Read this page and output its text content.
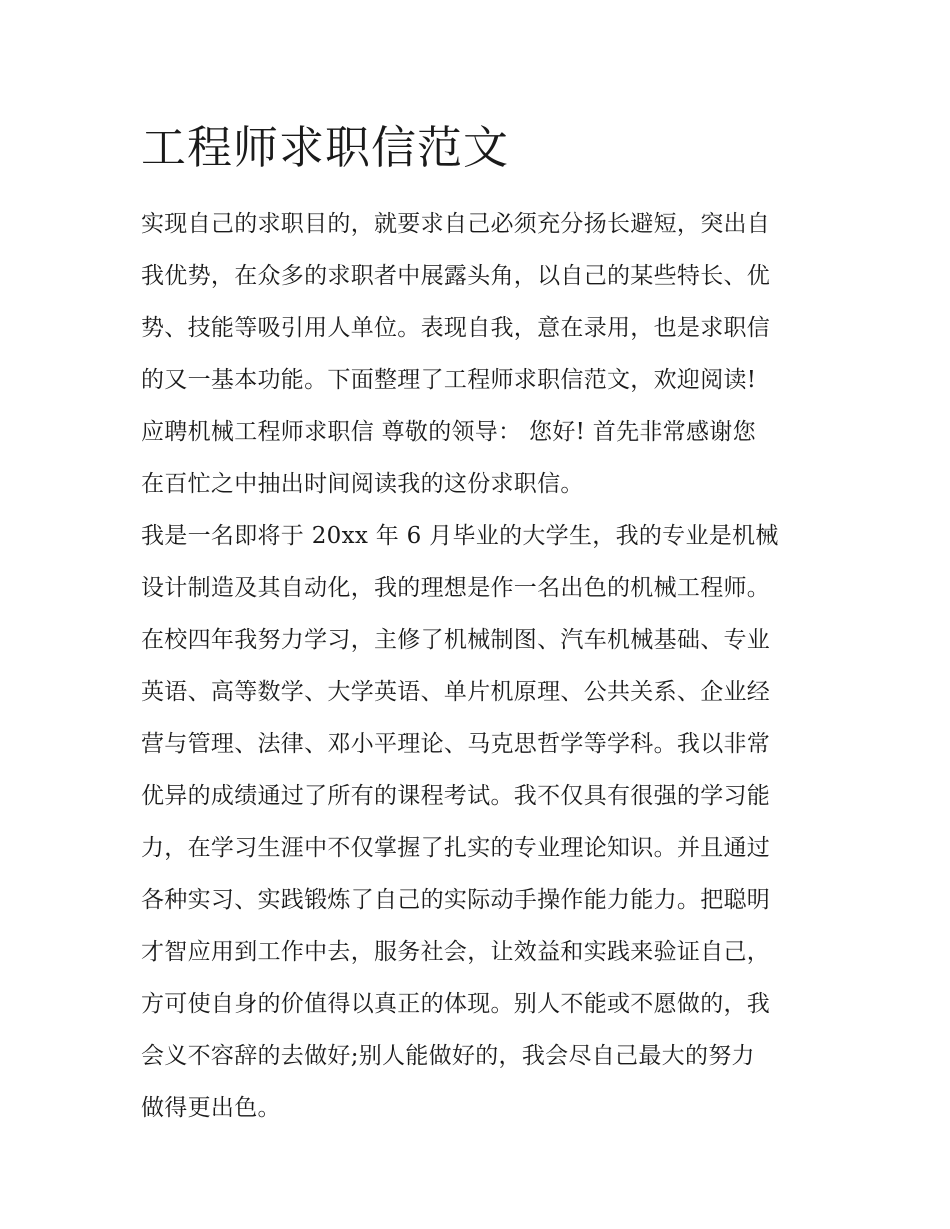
工程师求职信范文
实现自己的求职目的，就要求自己必须充分扬长避短，突出自
我优势，在众多的求职者中展露头角，以自己的某些特长、优
势、技能等吸引用人单位。表现自我，意在录用，也是求职信
的又一基本功能。下面整理了工程师求职信范文，欢迎阅读!
应聘机械工程师求职信 尊敬的领导： 您好! 首先非常感谢您
在百忙之中抽出时间阅读我的这份求职信。
我是一名即将于 20xx 年 6 月毕业的大学生，我的专业是机械
设计制造及其自动化，我的理想是作一名出色的机械工程师。
在校四年我努力学习，主修了机械制图、汽车机械基础、专业
英语、高等数学、大学英语、单片机原理、公共关系、企业经
营与管理、法律、邓小平理论、马克思哲学等学科。我以非常
优异的成绩通过了所有的课程考试。我不仅具有很强的学习能
力，在学习生涯中不仅掌握了扎实的专业理论知识。并且通过
各种实习、实践锻炼了自己的实际动手操作能力能力。把聪明
才智应用到工作中去，服务社会，让效益和实践来验证自己，
方可使自身的价值得以真正的体现。别人不能或不愿做的，我
会义不容辞的去做好;别人能做好的，我会尽自己最大的努力
做得更出色。
